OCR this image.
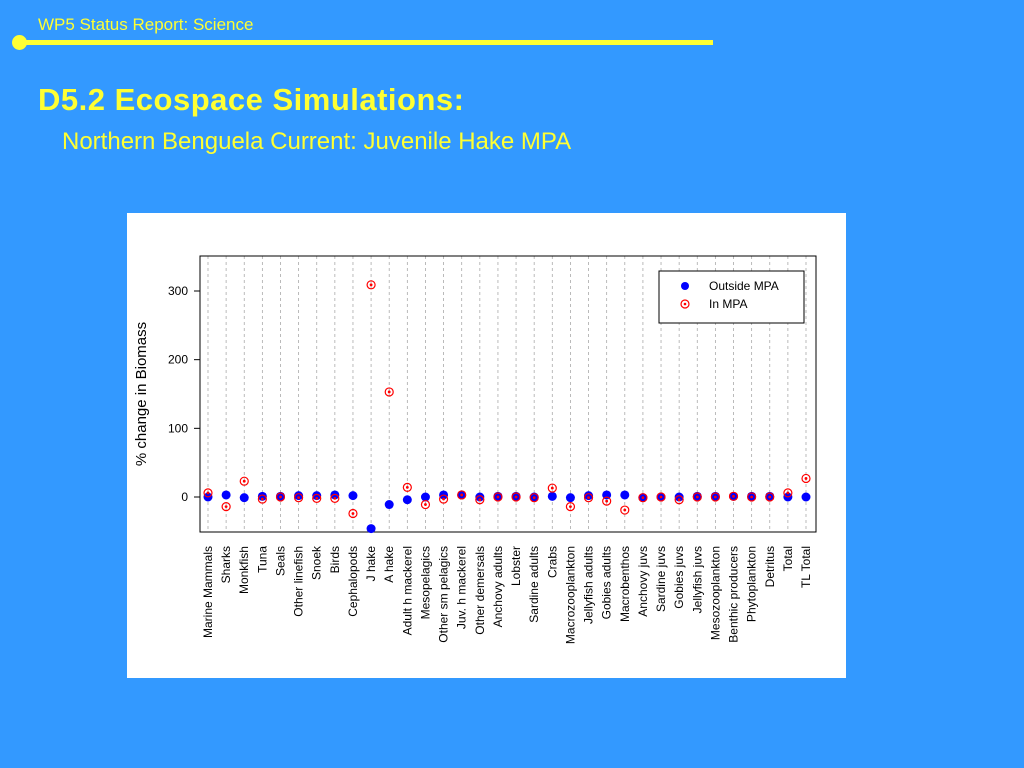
WP5 Status Report: Science
D5.2 Ecospace Simulations:
Northern Benguela Current: Juvenile Hake MPA
0
100
200
300
Marine Mammals Sharks Monkfish Tuna Seals Other linefish Snoek Birds Cephalopods J hake A hake Adult h mackerel Mesopelagics Other sm pelagics Juv. h mackerel Other demersals Anchovy adults Lobster Sardine adults Crabs Macrozooplankton Jellyfish adults Gobies adults Macrobenthos Anchovy juvs Sardine juvs Gobies juvs Jellyfish juvs Mesozooplankton Benthic producers Phytoplankton Detritus Total TL Total
% change in Biomass
Outside MPA
In MPA
